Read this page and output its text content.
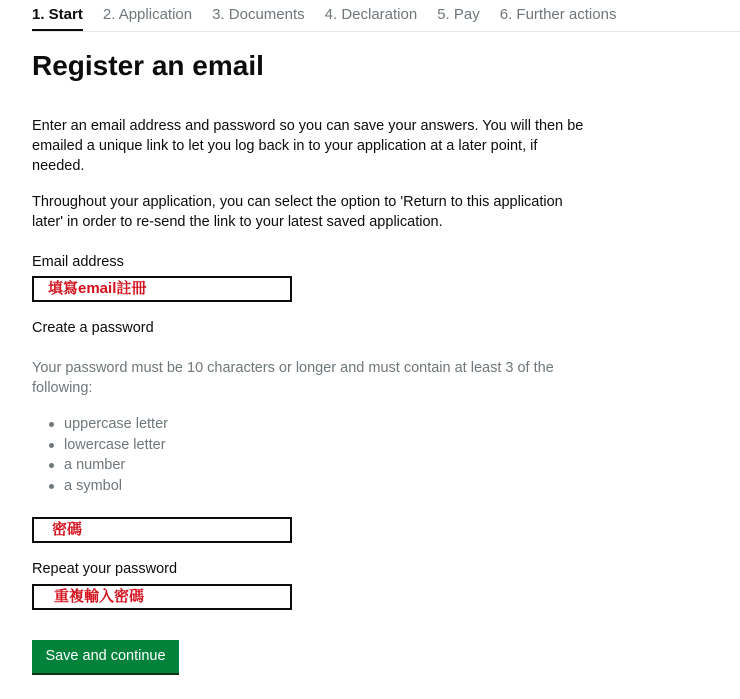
1. Start 2. Application 3. Documents 4. Declaration 5. Pay 6. Further actions
Register an email

Enter an email address and password so you can save your answers. You will then be emailed a unique link to let you log back in to your application at a later point, if needed.

Throughout your application, you can select the option to 'Return to this application later' in order to re-send the link to your latest saved application.

Email address
填寫email註冊
Create a password

Your password must be 10 characters or longer and must contain at least 3 of the following:

uppercase letter
lowercase letter
a number
a symbol
密碼
Repeat your password
重複輸入密碼
Save and continue
